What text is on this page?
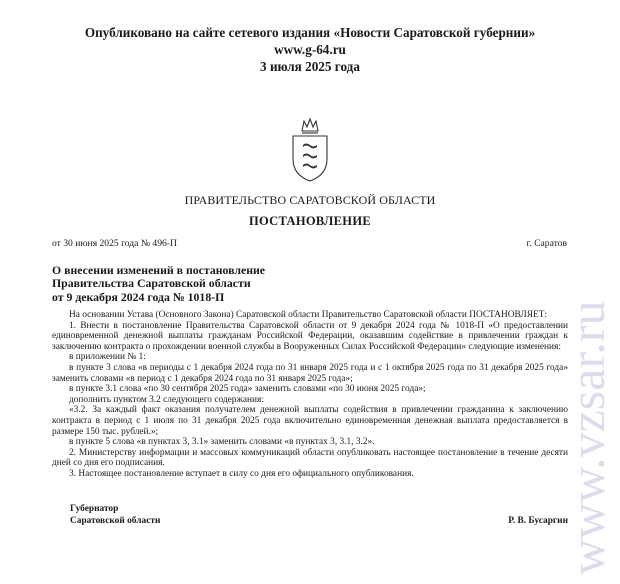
Опубликовано на сайте сетевого издания «Новости Саратовской губернии»
www.g-64.ru
3 июля 2025 года
ПРАВИТЕЛЬСТВО САРАТОВСКОЙ ОБЛАСТИ
ПОСТАНОВЛЕНИЕ
от 30 июня 2025 года № 496-П	г. Саратов
О внесении изменений в постановление
Правительства Саратовской области
от 9 декабря 2024 года № 1018-П

На основании Устава (Основного Закона) Саратовской области Правительство Саратовской области ПОСТАНОВЛЯЕТ:

1. Внести в постановление Правительства Саратовской области от 9 декабря 2024 года № 1018-П «О предоставлении единовременной денежной выплаты гражданам Российской Федерации, оказавшим содействие в привлечении граждан к заключению контракта о прохождении военной службы в Вооруженных Силах Российской Федерации» следующие изменения:

в приложении № 1:

в пункте 3 слова «в периоды с 1 декабря 2024 года по 31 января 2025 года и с 1 октября 2025 года по 31 декабря 2025 года» заменить словами «в период с 1 декабря 2024 года по 31 января 2025 года»;

в пункте 3.1 слова «по 30 сентября 2025 года» заменить словами «по 30 июня 2025 года»;

дополнить пунктом 3.2 следующего содержания:

«3.2. За каждый факт оказания получателем денежной выплаты содействия в привлечении гражданина к заключению контракта в период с 1 июля по 31 декабря 2025 года включительно единовременная денежная выплата предоставляется в размере 150 тыс. рублей.»;

в пункте 5 слова «в пунктах 3, 3.1» заменить словами «в пунктах 3, 3.1, 3.2».

2. Министерству информации и массовых коммуникаций области опубликовать настоящее постановление в течение десяти дней со дня его подписания.

3. Настоящее постановление вступает в силу со дня его официального опубликования.

Губернатор
Саратовской области	Р. В. Бусаргин
www.vzsar.ru
